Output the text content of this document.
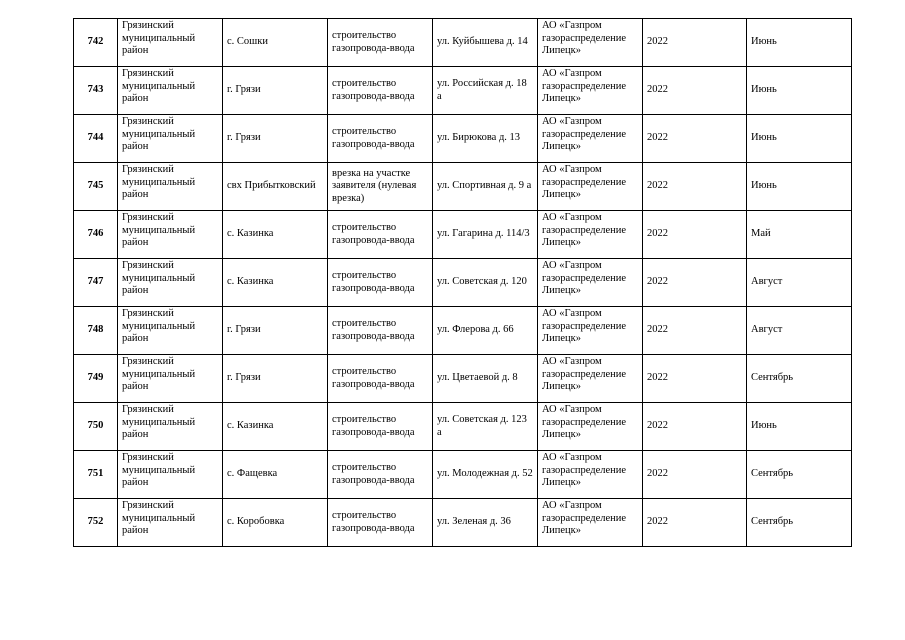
742	Грязинский муниципальный район	с. Сошки	строительство газопровода-ввода	ул. Куйбышева д. 14	АО «Газпром газораспределение Липецк»	2022	Июнь
743	Грязинский муниципальный район	г. Грязи	строительство газопровода-ввода	ул. Российская д. 18 а	АО «Газпром газораспределение Липецк»	2022	Июнь
744	Грязинский муниципальный район	г. Грязи	строительство газопровода-ввода	ул. Бирюкова д. 13	АО «Газпром газораспределение Липецк»	2022	Июнь
745	Грязинский муниципальный район	свх Прибытковский	врезка на участке заявителя (нулевая врезка)	ул. Спортивная д. 9 а	АО «Газпром газораспределение Липецк»	2022	Июнь
746	Грязинский муниципальный район	с. Казинка	строительство газопровода-ввода	ул. Гагарина д. 114/3	АО «Газпром газораспределение Липецк»	2022	Май
747	Грязинский муниципальный район	с. Казинка	строительство газопровода-ввода	ул. Советская д. 120	АО «Газпром газораспределение Липецк»	2022	Август
748	Грязинский муниципальный район	г. Грязи	строительство газопровода-ввода	ул. Флерова д. 66	АО «Газпром газораспределение Липецк»	2022	Август
749	Грязинский муниципальный район	г. Грязи	строительство газопровода-ввода	ул. Цветаевой д. 8	АО «Газпром газораспределение Липецк»	2022	Сентябрь
750	Грязинский муниципальный район	с. Казинка	строительство газопровода-ввода	ул. Советская д. 123 а	АО «Газпром газораспределение Липецк»	2022	Июнь
751	Грязинский муниципальный район	с. Фащевка	строительство газопровода-ввода	ул. Молодежная д. 52	АО «Газпром газораспределение Липецк»	2022	Сентябрь
752	Грязинский муниципальный район	с. Коробовка	строительство газопровода-ввода	ул. Зеленая д. 36	АО «Газпром газораспределение Липецк»	2022	Сентябрь
